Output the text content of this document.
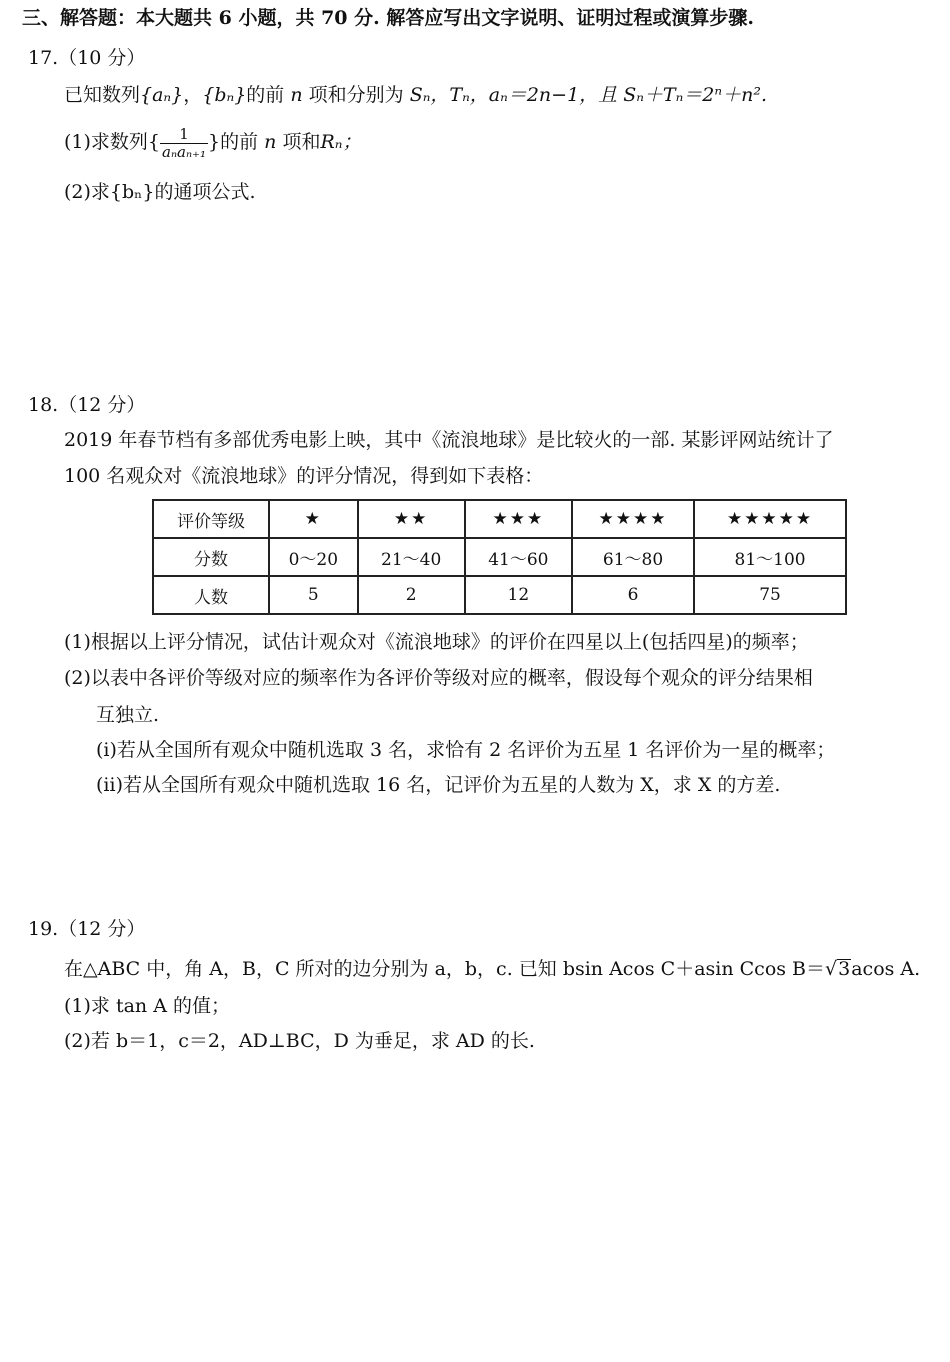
三、解答题：本大题共 6 小题，共 70 分. 解答应写出文字说明、证明过程或演算步骤.
17.（10 分）
已知数列{aₙ}，{bₙ}的前 n 项和分别为 Sₙ，Tₙ，aₙ＝2n−1，且 Sₙ＋Tₙ＝2ⁿ＋n².
(1)求数列{ $\frac{1}{\text{aₙaₙ₊₁}}$ }的前 n 项和Rₙ；
(2)求{bₙ}的通项公式.
18.（12 分）
2019 年春节档有多部优秀电影上映，其中《流浪地球》是比较火的一部. 某影评网站统计了
100 名观众对《流浪地球》的评分情况，得到如下表格：
评价等级	★	★★	★★★	★★★★	★★★★★
分数	0～20	21～40	41～60	61～80	81～100
人数	5	2	12	6	75
(1)根据以上评分情况，试估计观众对《流浪地球》的评价在四星以上(包括四星)的频率；
(2)以表中各评价等级对应的频率作为各评价等级对应的概率，假设每个观众的评分结果相
互独立.
(ⅰ)若从全国所有观众中随机选取 3 名，求恰有 2 名评价为五星 1 名评价为一星的概率；
(ⅱ)若从全国所有观众中随机选取 16 名，记评价为五星的人数为 X，求 X 的方差.
19.（12 分）
在△ABC 中，角 A，B，C 所对的边分别为 a，b，c. 已知 bsin Acos C＋asin Ccos B＝√3acos A.
(1)求 tan A 的值；
(2)若 b＝1，c＝2，AD⊥BC，D 为垂足，求 AD 的长.
